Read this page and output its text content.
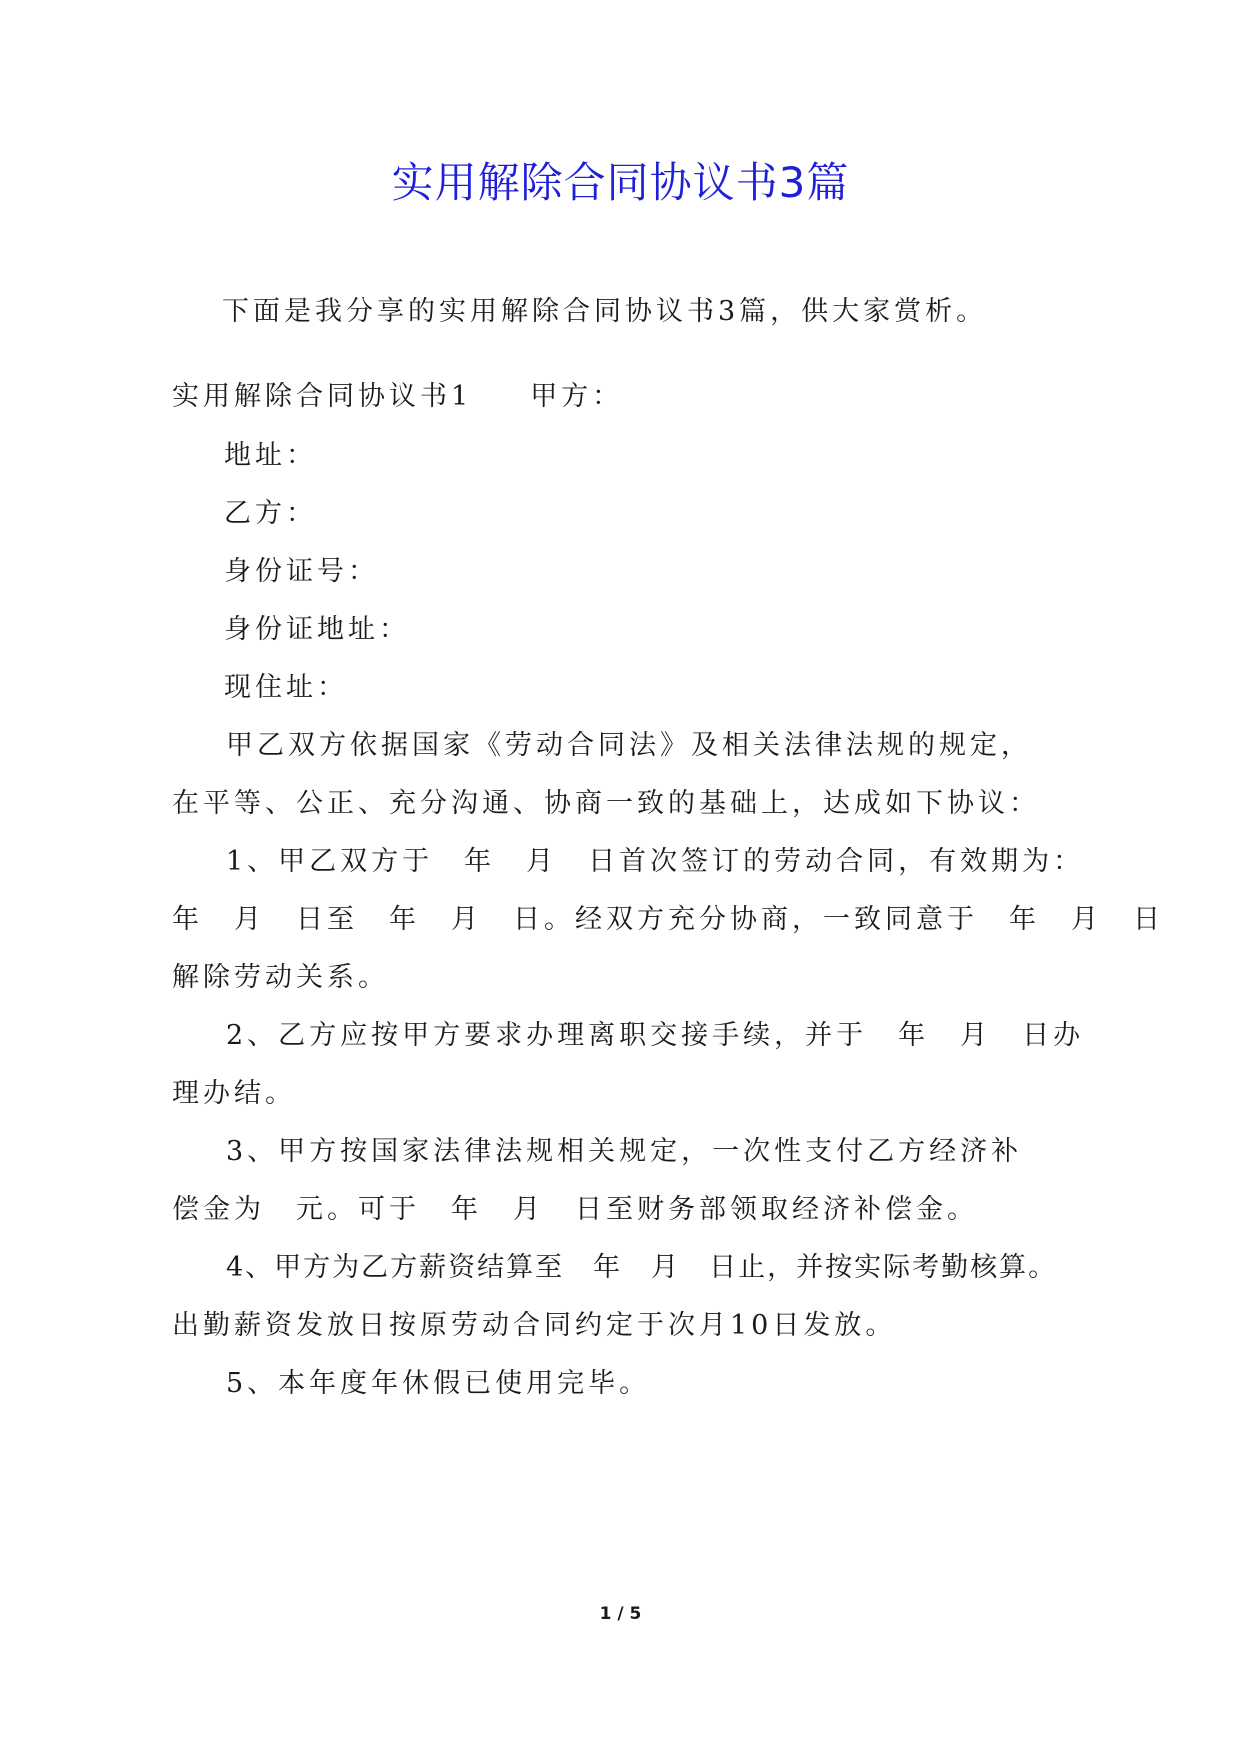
实用解除合同协议书3篇
下面是我分享的实用解除合同协议书3篇，供大家赏析。
实用解除合同协议书1 甲方：
地址：
乙方：
身份证号：
身份证地址：
现住址：
甲乙双方依据国家《劳动合同法》及相关法律法规的规定，
在平等、公正、充分沟通、协商一致的基础上，达成如下协议：
1、甲乙双方于　年　月　日首次签订的劳动合同，有效期为：
年　月　日至　年　月　日。经双方充分协商，一致同意于　年　月　日
解除劳动关系。
2、乙方应按甲方要求办理离职交接手续，并于　年　月　日办
理办结。
3、甲方按国家法律法规相关规定，一次性支付乙方经济补
偿金为　元。可于　年　月　日至财务部领取经济补偿金。
4、甲方为乙方薪资结算至　年　月　日止，并按实际考勤核算。
出勤薪资发放日按原劳动合同约定于次月10日发放。
5、本年度年休假已使用完毕。
1 / 5
